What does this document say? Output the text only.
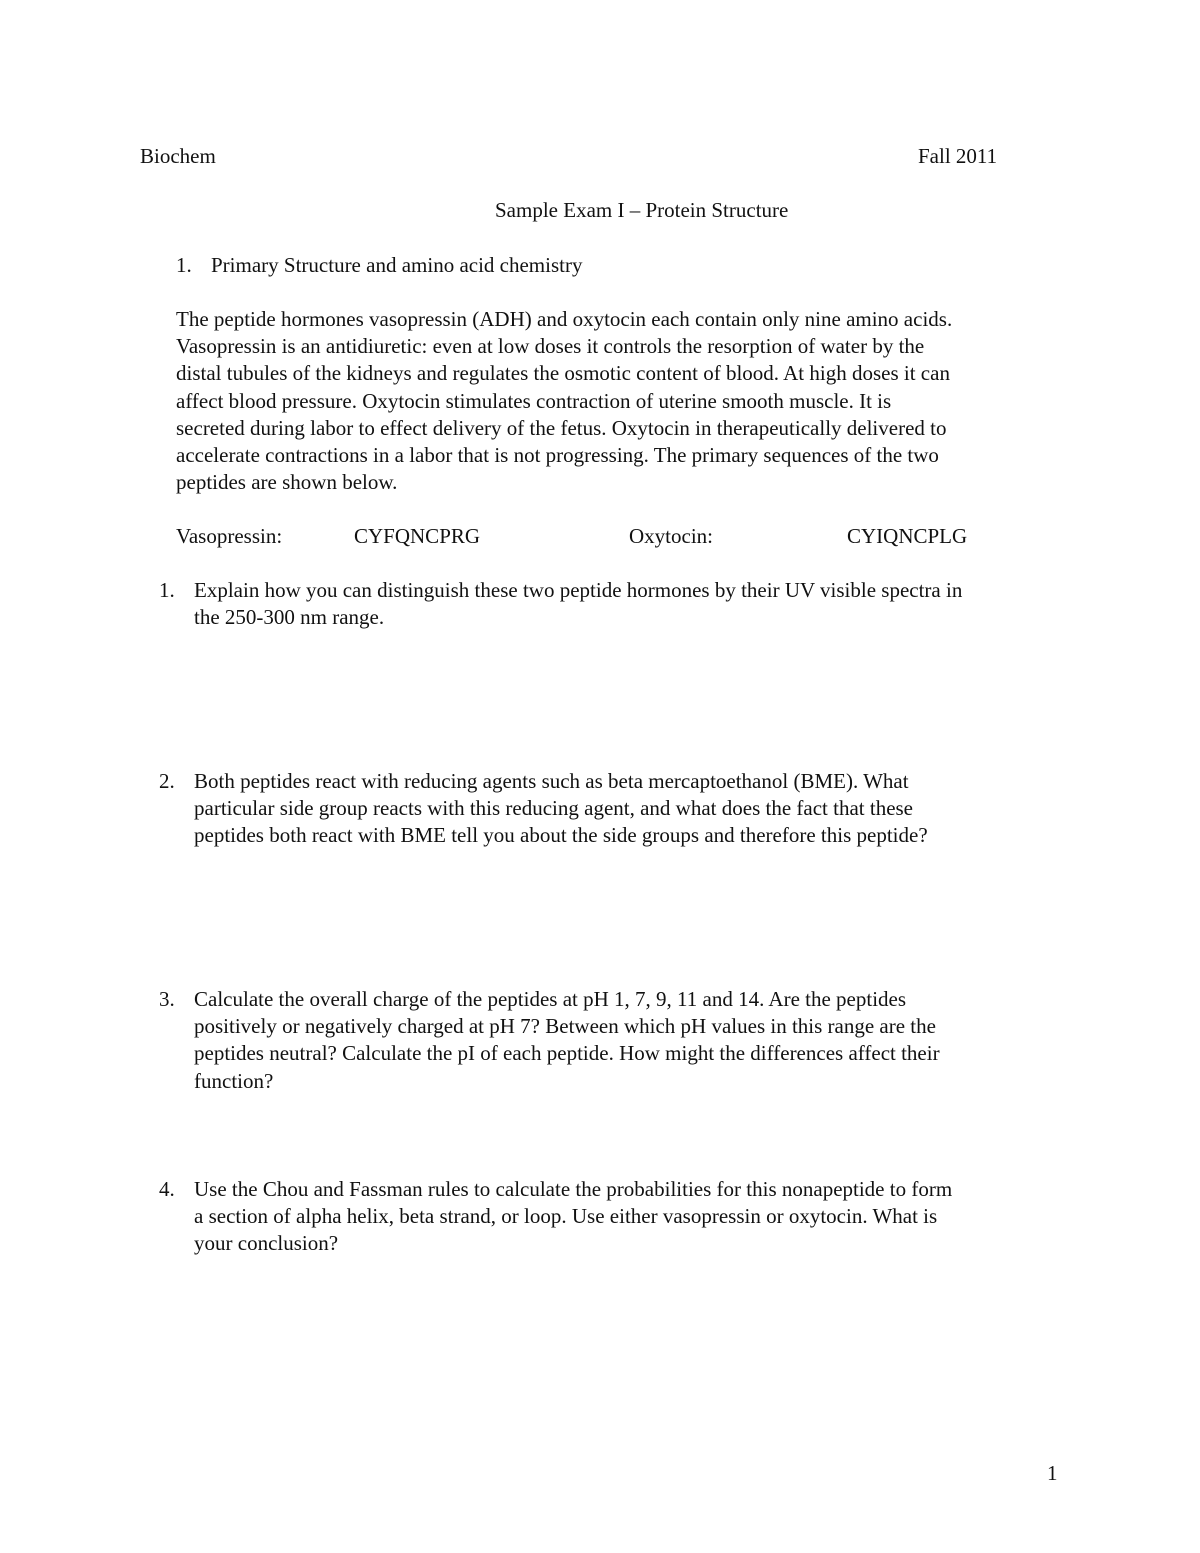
Biochem	Fall 2011
Sample Exam I – Protein Structure
1. Primary Structure and amino acid chemistry
The peptide hormones vasopressin (ADH) and oxytocin each contain only nine amino acids.
Vasopressin is an antidiuretic: even at low doses it controls the resorption of water by the
distal tubules of the kidneys and regulates the osmotic content of blood. At high doses it can
affect blood pressure. Oxytocin stimulates contraction of uterine smooth muscle. It is
secreted during labor to effect delivery of the fetus. Oxytocin in therapeutically delivered to
accelerate contractions in a labor that is not progressing. The primary sequences of the two
peptides are shown below.
Vasopressin:	CYFQNCPRG	Oxytocin:	CYIQNCPLG
1. Explain how you can distinguish these two peptide hormones by their UV visible spectra in
the 250-300 nm range.
2. Both peptides react with reducing agents such as beta mercaptoethanol (BME). What
particular side group reacts with this reducing agent, and what does the fact that these
peptides both react with BME tell you about the side groups and therefore this peptide?
3. Calculate the overall charge of the peptides at pH 1, 7, 9, 11 and 14. Are the peptides
positively or negatively charged at pH 7? Between which pH values in this range are the
peptides neutral? Calculate the pI of each peptide. How might the differences affect their
function?
4. Use the Chou and Fassman rules to calculate the probabilities for this nonapeptide to form
a section of alpha helix, beta strand, or loop. Use either vasopressin or oxytocin. What is
your conclusion?
1
